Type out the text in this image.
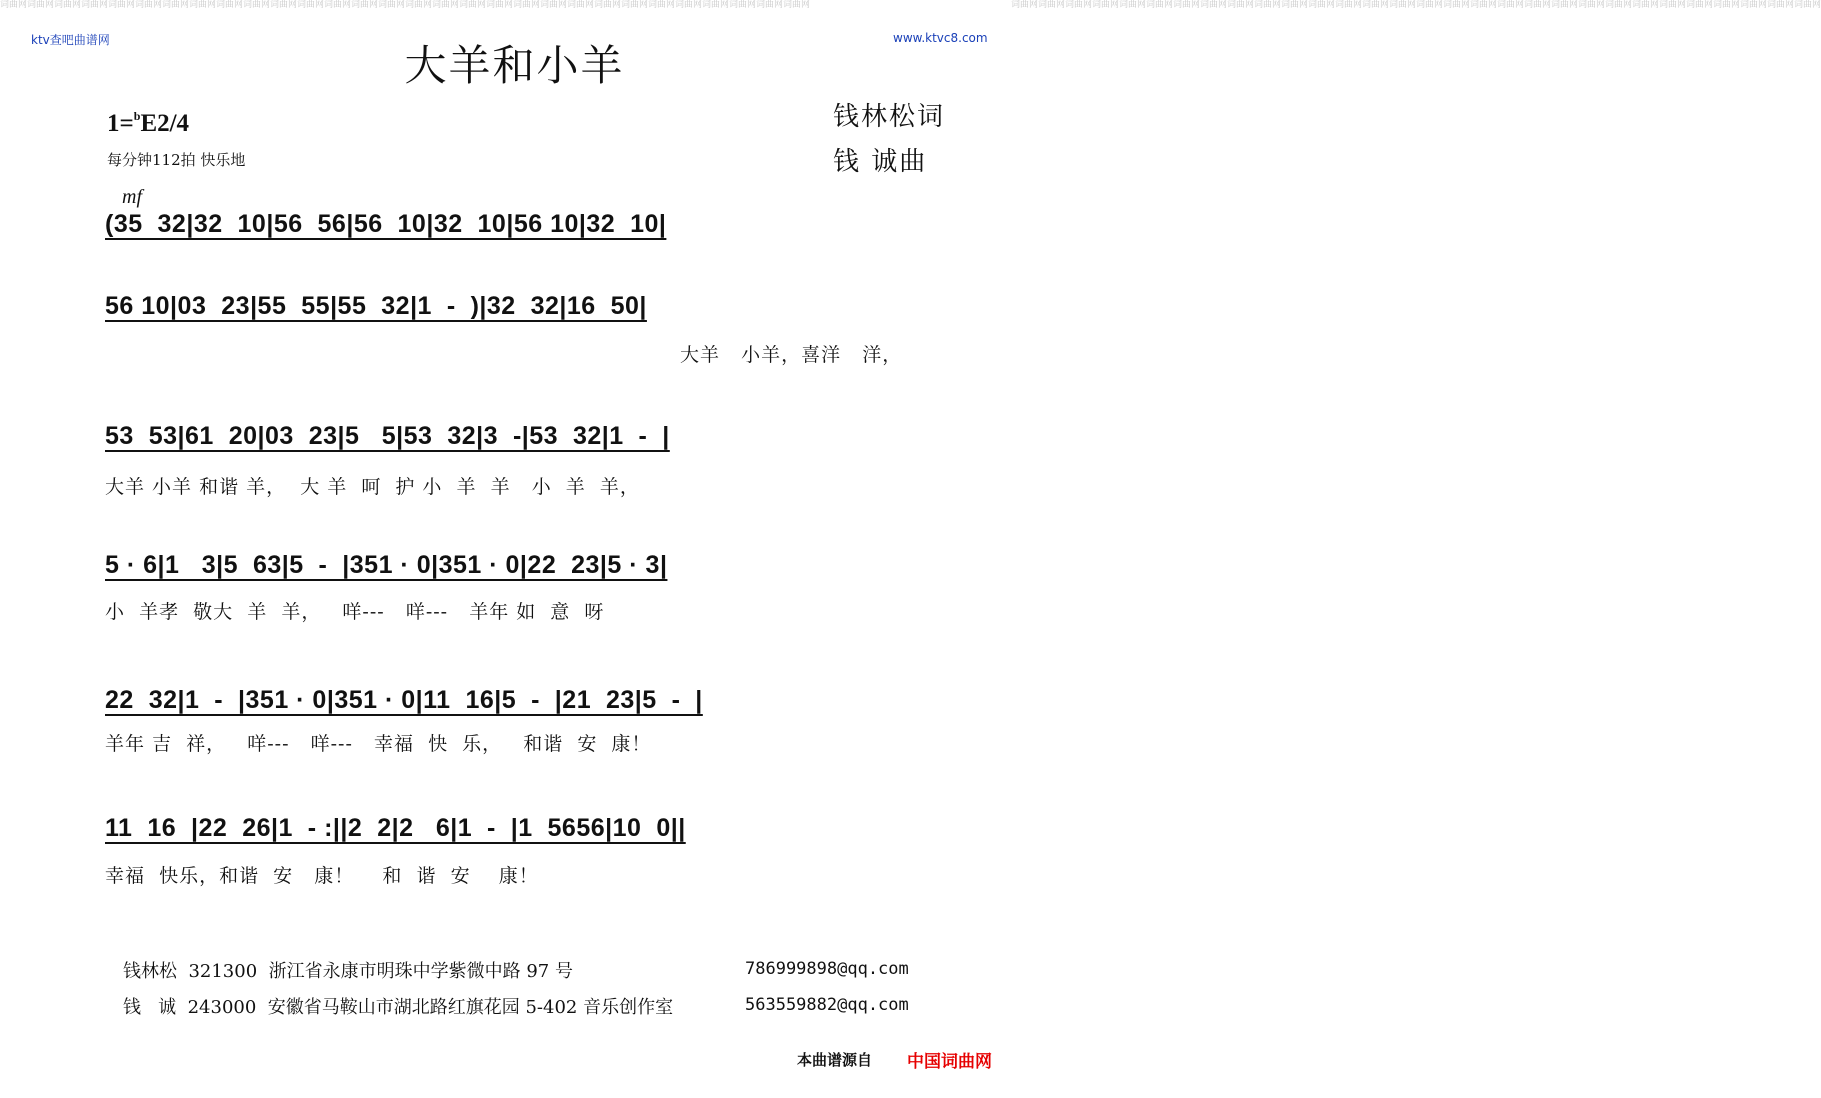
词曲网词曲网词曲网词曲网词曲网词曲网词曲网词曲网词曲网词曲网词曲网词曲网词曲网词曲网词曲网词曲网词曲网词曲网词曲网词曲网词曲网词曲网词曲网词曲网词曲网词曲网词曲网词曲网词曲网词曲网	词曲网词曲网词曲网词曲网词曲网词曲网词曲网词曲网词曲网词曲网词曲网词曲网词曲网词曲网词曲网词曲网词曲网词曲网词曲网词曲网词曲网词曲网词曲网词曲网词曲网词曲网词曲网词曲网词曲网词曲网
ktv查吧曲谱网	www.ktvc8.com
大羊和小羊
1=$^b$E2/4
每分钟112拍 快乐地
钱林松词
钱 诚曲
mf
(35  32|32  10|56  56|56  10|32  10|56 10|32  10|
56 10|03  23|55  55|55  32|1  -  )|32  32|16  50|
大羊   小羊，喜洋   洋，
53  53|61  20|03  23|5   5|53  32|3  -|53  32|1  -  |
大羊 小羊 和谐 羊，  大 羊  呵  护 小  羊  羊   小  羊  羊，
5 · 6|1   3|5  63|5  -  |351 · 0|351 · 0|22  23|5 · 3|
小  羊孝  敬大  羊  羊，   咩---   咩---   羊年 如  意  呀
22  32|1  -  |351 · 0|351 · 0|11  16|5  -  |21  23|5  -  |
羊年 吉  祥，   咩---   咩---   幸福  快  乐，   和谐  安  康！
11  16  |22  26|1  - :||2  2|2   6|1  -  |1  5656|10  0||
幸福  快乐，和谐  安   康！    和  谐  安    康！
钱林松  321300  浙江省永康市明珠中学紫微中路 97 号	786999898@qq.com
钱   诚  243000  安徽省马鞍山市湖北路红旗花园 5-402 音乐创作室	563559882@qq.com
本曲谱源自 中国词曲网
